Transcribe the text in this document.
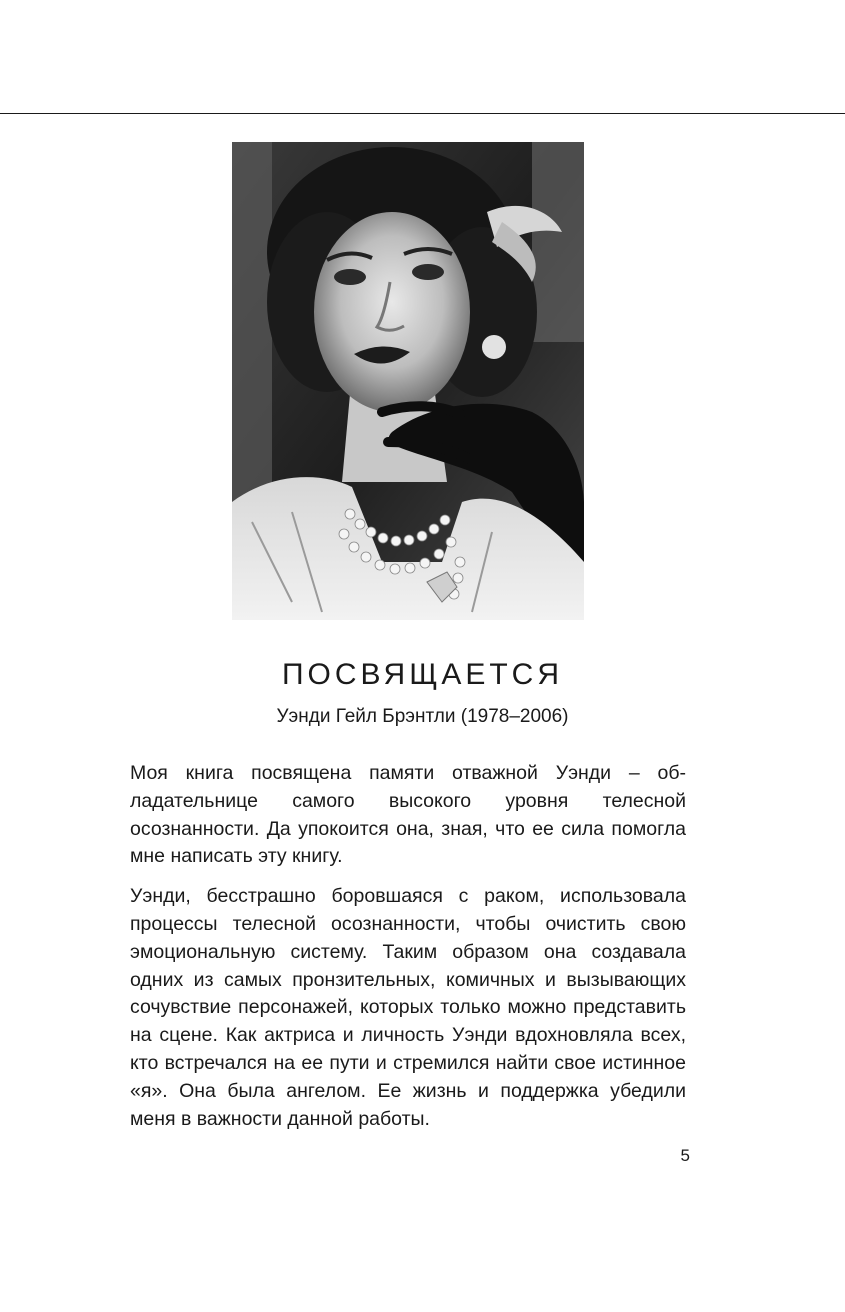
ПОСВЯЩАЕТСЯ

Уэнди Гейл Брэнтли (1978–2006)

Моя книга посвящена памяти отважной Уэнди – обладательнице самого высокого уровня телесной осознанности. Да упокоится она, зная, что ее сила помогла мне написать эту книгу.

Уэнди, бесстрашно боровшаяся с раком, использовала процессы телесной осознанности, чтобы очистить свою эмоциональную систему. Таким образом она создавала одних из самых пронзительных, комичных и вызывающих сочувствие персонажей, которых только можно представить на сцене. Как актриса и личность Уэнди вдохновляла всех, кто встречался на ее пути и стремился найти свое истинное «я». Она была ангелом. Ее жизнь и поддержка убедили меня в важности данной работы.

5
